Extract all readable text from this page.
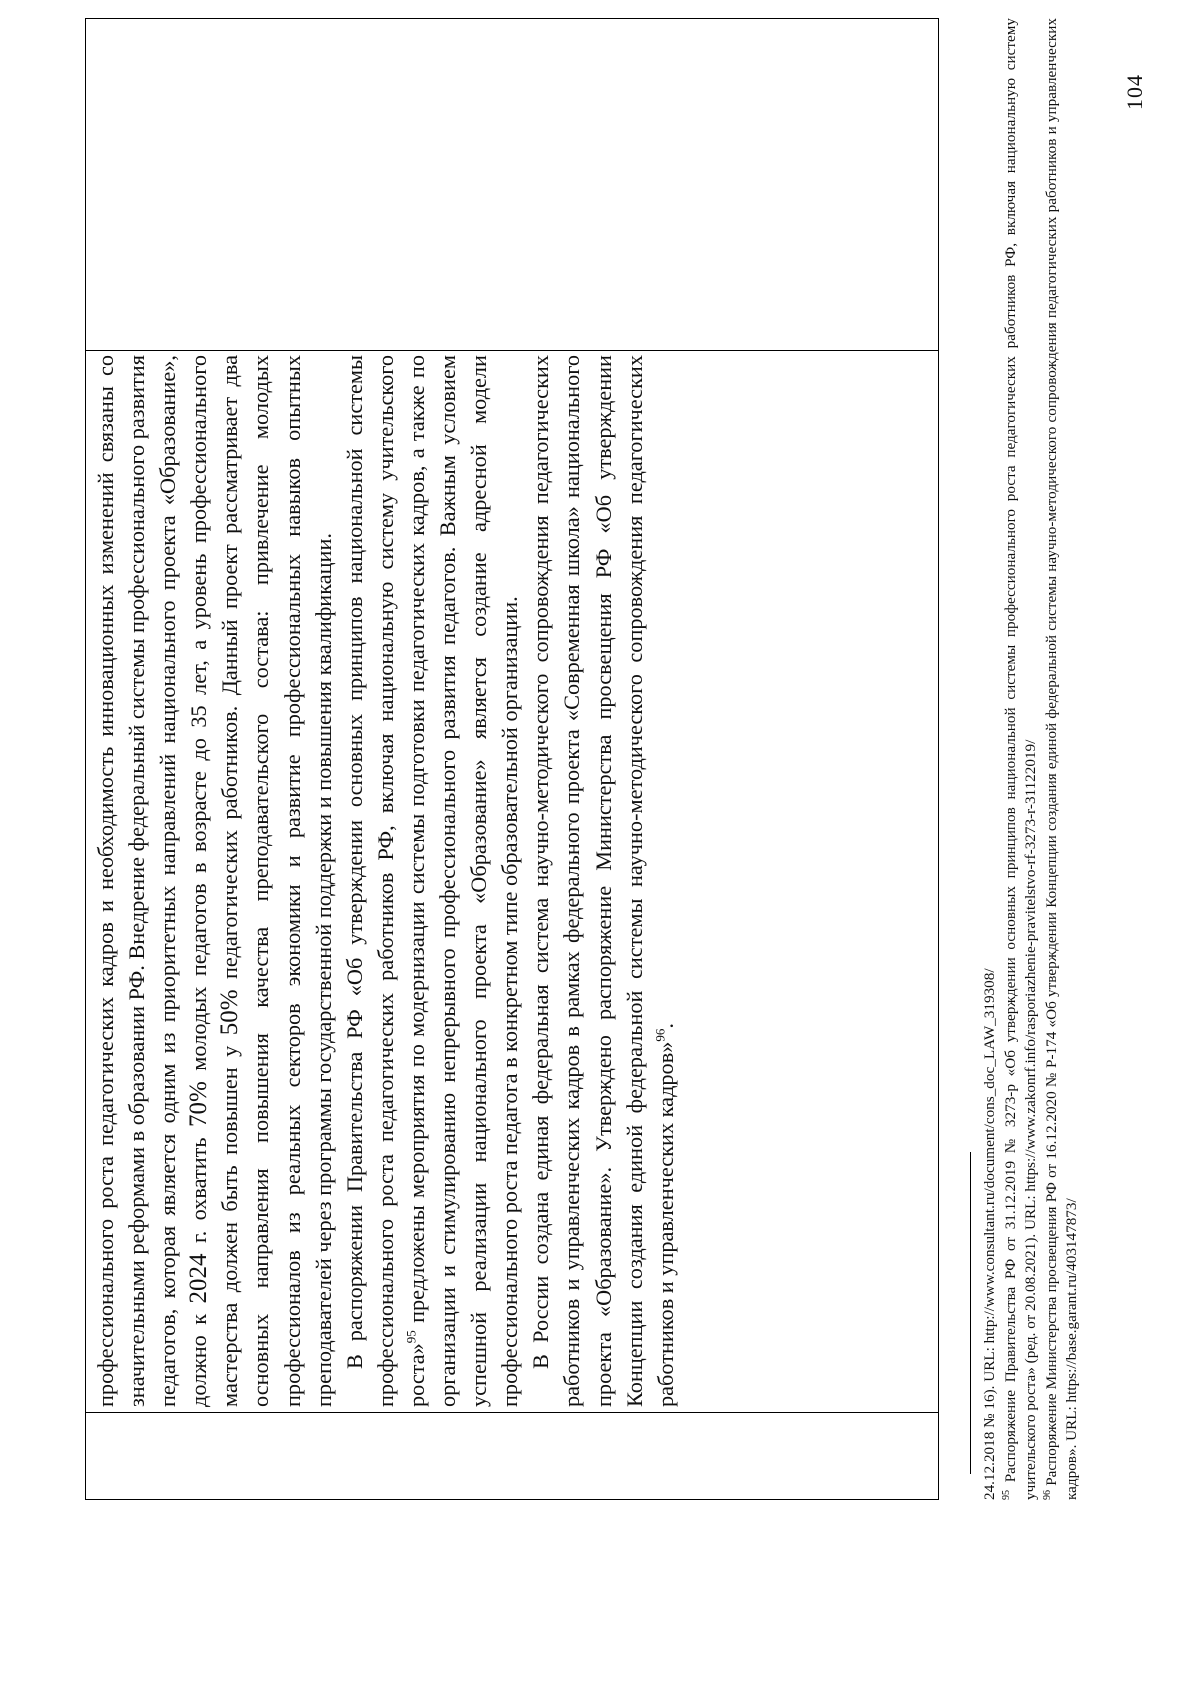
профессионального роста педагогических кадров и необходимость инновационных изменений связаны со значительными реформами в образовании РФ. Внедрение федеральный системы профессионального развития педагогов, которая является одним из приоритетных направлений национального проекта «Образование», должно к 2024 г. охватить 70% молодых педагогов в возрасте до 35 лет, а уровень профессионального мастерства должен быть повышен у 50% педагогических работников. Данный проект рассматривает два основных направления повышения качества преподавательского состава: привлечение молодых профессионалов из реальных секторов экономики и развитие профессиональных навыков опытных преподавателей через программы государственной поддержки и повышения квалификации. В распоряжении Правительства РФ «Об утверждении основных принципов национальной системы профессионального роста педагогических работников РФ, включая национальную систему учительского роста»$^{95}$ предложены мероприятия по модернизации системы подготовки педагогических кадров, а также по организации и стимулированию непрерывного профессионального развития педагогов. Важным условием успешной реализации национального проекта «Образование» является создание адресной модели профессионального роста педагога в конкретном типе образовательной организации. В России создана единая федеральная система научно-методического сопровождения педагогических работников и управленческих кадров в рамках федерального проекта «Современная школа» национального проекта «Образование». Утверждено распоряжение Министерства просвещения РФ «Об утверждении Концепции создания единой федеральной системы научно-методического сопровождения педагогических работников и управленческих кадров»$^{96}$.	24.12.2018 № 16). URL: http://www.consultant.ru/document/cons_doc_LAW_319308/ $^{95}$ Распоряжение Правительства РФ от 31.12.2019 № 3273-р «Об утверждении основных принципов национальной системы профессионального роста педагогических работников РФ, включая национальную систему учительского роста» (ред. от 20.08.2021). URL: https://www.zakonrf.info/rasporiazhenie-pravitelstvo-rf-3273-r-31122019/ $^{96}$ Распоряжение Министерства просвещения РФ от 16.12.2020 № Р-174 «Об утверждении Концепции создания единой федеральной системы научно-методического сопровождения педагогических работников и управленческих кадров». URL: https://base.garant.ru/403147873/

104
